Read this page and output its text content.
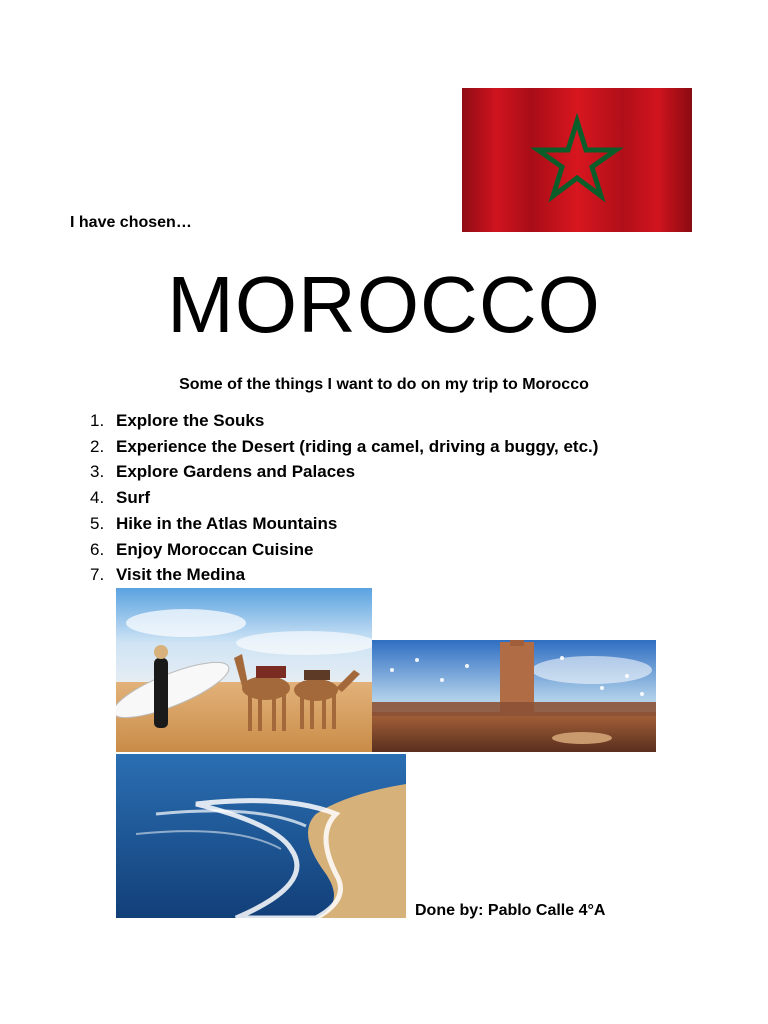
I have chosen…
MOROCCO
Some of the things I want to do on my trip to Morocco
1. Explore the Souks
2. Experience the Desert (riding a camel, driving a buggy, etc.)
3. Explore Gardens and Palaces
4. Surf
5. Hike in the Atlas Mountains
6. Enjoy Moroccan Cuisine
7. Visit the Medina
Done by: Pablo Calle 4°A
